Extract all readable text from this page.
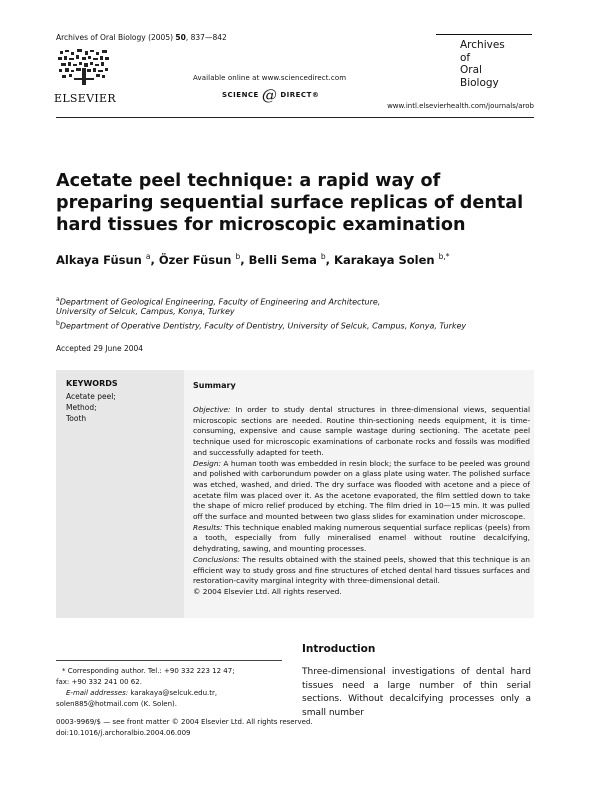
Archives of Oral Biology (2005) 50, 837—842
ELSEVIER
Available online at www.sciencedirect.com
SCIENCE @ DIRECT®
Archives
of
Oral
Biology
www.intl.elsevierhealth.com/journals/arob
Acetate peel technique: a rapid way of preparing sequential surface replicas of dental hard tissues for microscopic examination
Alkaya Füsun $^a$, Özer Füsun $^b$, Belli Sema $^b$, Karakaya Solen $^{b,*}$
$^a$Department of Geological Engineering, Faculty of Engineering and Architecture,
University of Selcuk, Campus, Konya, Turkey
$^b$Department of Operative Dentistry, Faculty of Dentistry, University of Selcuk, Campus, Konya, Turkey
Accepted 29 June 2004
KEYWORDS
Acetate peel;
Method;
Tooth
Summary

Objective: In order to study dental structures in three-dimensional views, sequential microscopic sections are needed. Routine thin-sectioning needs equipment, it is time-consuming, expensive and cause sample wastage during sectioning. The acetate peel technique used for microscopic examinations of carbonate rocks and fossils was modified and successfully adapted for teeth.

Design: A human tooth was embedded in resin block; the surface to be peeled was ground and polished with carborundum powder on a glass plate using water. The polished surface was etched, washed, and dried. The dry surface was flooded with acetone and a piece of acetate film was placed over it. As the acetone evaporated, the film settled down to take the shape of micro relief produced by etching. The film dried in 10—15 min. It was pulled off the surface and mounted between two glass slides for examination under microscope.

Results: This technique enabled making numerous sequential surface replicas (peels) from a tooth, especially from fully mineralised enamel without routine decalcifying, dehydrating, sawing, and mounting processes.

Conclusions: The results obtained with the stained peels, showed that this technique is an efficient way to study gross and fine structures of etched dental hard tissues surfaces and restoration-cavity marginal integrity with three-dimensional detail.

© 2004 Elsevier Ltd. All rights reserved.

Introduction
Three-dimensional investigations of dental hard tissues need a large number of thin serial sections. Without decalcifying processes only a small number
* Corresponding author. Tel.: +90 332 223 12 47;
fax: +90 332 241 00 62.
E-mail addresses: karakaya@selcuk.edu.tr,
solen885@hotmail.com (K. Solen).
0003-9969/$ — see front matter © 2004 Elsevier Ltd. All rights reserved.
doi:10.1016/j.archoralbio.2004.06.009
